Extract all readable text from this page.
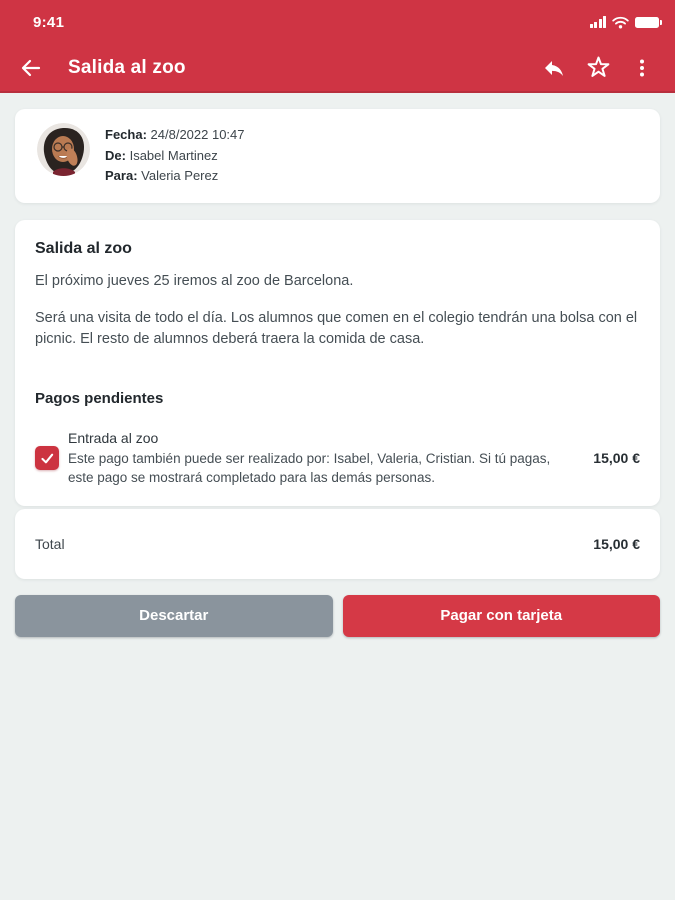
9:41
Salida al zoo
Fecha: 24/8/2022 10:47
De: Isabel Martinez
Para: Valeria Perez
Salida al zoo
El próximo jueves 25 iremos al zoo de Barcelona.
Será una visita de todo el día. Los alumnos que comen en el colegio tendrán una bolsa con el picnic. El resto de alumnos deberá traera la comida de casa.
Pagos pendientes
Entrada al zoo
Este pago también puede ser realizado por: Isabel, Valeria, Cristian. Si tú pagas, este pago se mostrará completado para las demás personas.
15,00 €
Total	15,00 €
Descartar	Pagar con tarjeta
